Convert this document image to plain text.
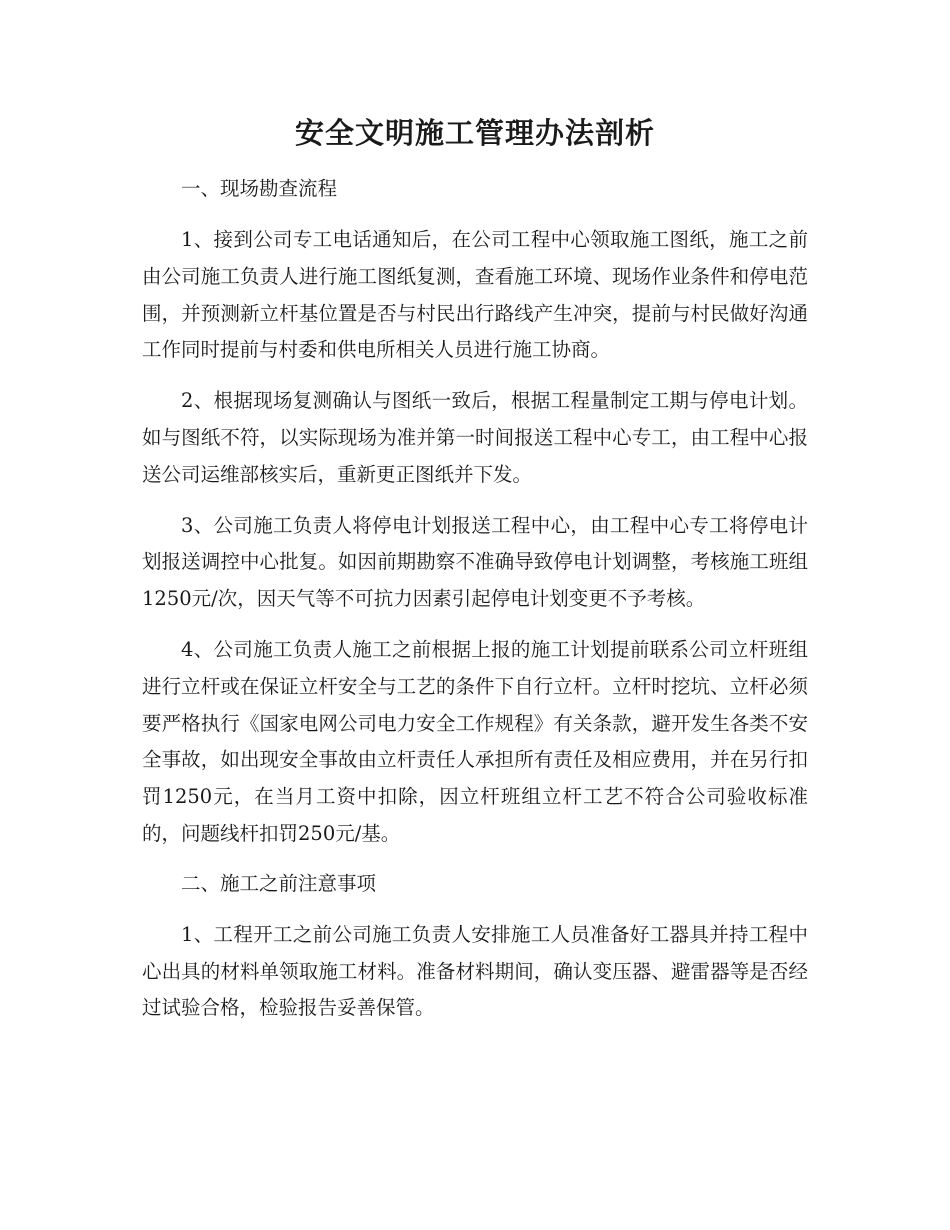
安全文明施工管理办法剖析

一、现场勘查流程

1、接到公司专工电话通知后，在公司工程中心领取施工图纸，施工之前由公司施工负责人进行施工图纸复测，查看施工环境、现场作业条件和停电范围，并预测新立杆基位置是否与村民出行路线产生冲突，提前与村民做好沟通工作同时提前与村委和供电所相关人员进行施工协商。

2、根据现场复测确认与图纸一致后，根据工程量制定工期与停电计划。如与图纸不符，以实际现场为准并第一时间报送工程中心专工，由工程中心报送公司运维部核实后，重新更正图纸并下发。

3、公司施工负责人将停电计划报送工程中心，由工程中心专工将停电计划报送调控中心批复。如因前期勘察不准确导致停电计划调整，考核施工班组1250元/次，因天气等不可抗力因素引起停电计划变更不予考核。

4、公司施工负责人施工之前根据上报的施工计划提前联系公司立杆班组进行立杆或在保证立杆安全与工艺的条件下自行立杆。立杆时挖坑、立杆必须要严格执行《国家电网公司电力安全工作规程》有关条款，避开发生各类不安全事故，如出现安全事故由立杆责任人承担所有责任及相应费用，并在另行扣罚1250元，在当月工资中扣除，因立杆班组立杆工艺不符合公司验收标准的，问题线杆扣罚250元/基。

二、施工之前注意事项

1、工程开工之前公司施工负责人安排施工人员准备好工器具并持工程中心出具的材料单领取施工材料。准备材料期间，确认变压器、避雷器等是否经过试验合格，检验报告妥善保管。
